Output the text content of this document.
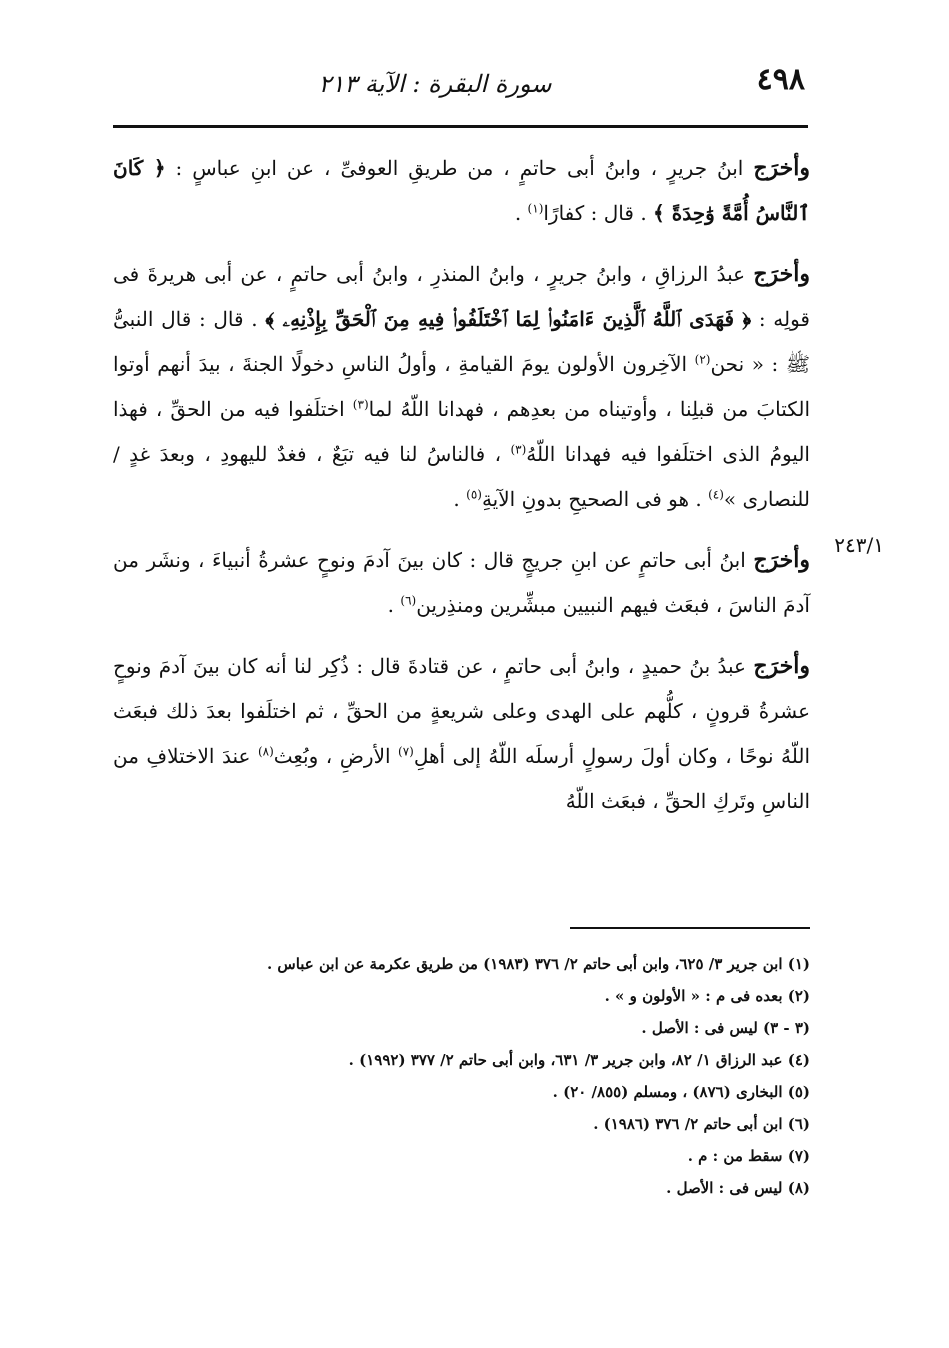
٤٩٨
سورة البقرة : الآية ٢١٣

وأخرَج ابنُ جريرٍ ، وابنُ أبى حاتمٍ ، من طريقِ العوفىِّ ، عن ابنِ عباسٍ : ﴿ كَانَ ٱلنَّاسُ أُمَّةً وَٰحِدَةً ﴾ . قال : كفارًا$^{(١)}$ .

وأخرَج عبدُ الرزاقِ ، وابنُ جريرٍ ، وابنُ المنذرِ ، وابنُ أبى حاتمٍ ، عن أبى هريرةَ فى قولِه : ﴿ فَهَدَى ٱللَّهُ ٱلَّذِينَ ءَامَنُوا۟ لِمَا ٱخْتَلَفُوا۟ فِيهِ مِنَ ٱلْحَقِّ بِإِذْنِهِۦ ﴾ . قال : قال النبىُّ ﷺ : « نحن$^{(٢)}$ الآخِرون الأولون يومَ القيامةِ ، وأولُ الناسِ دخولًا الجنةَ ، بيدَ أنهم أوتوا الكتابَ من قبلِنا ، وأوتيناه من بعدِهم ، فهدانا اللّهُ لما$^{(٣)}$ اختلَفوا فيه من الحقِّ ، فهذا اليومُ الذى اختلَفوا فيه فهدانا اللّهُ$^{(٣)}$ ، فالناسُ لنا فيه تبَعٌ ، فغدٌ لليهودِ ، وبعدَ غدٍ /للنصارى »$^{(٤)}$ . هو فى الصحيحِ بدونِ الآيةِ$^{(٥)}$ .

وأخرَج ابنُ أبى حاتمٍ عن ابنِ جريجٍ قال : كان بينَ آدمَ ونوحٍ عشرةُ أنبياءَ ، ونشَر من آدمَ الناسَ ، فبعَث فيهم النبيين مبشِّرين ومنذِرين$^{(٦)}$ .

وأخرَج عبدُ بنُ حميدٍ ، وابنُ أبى حاتمٍ ، عن قتادةَ قال : ذُكِر لنا أنه كان بينَ آدمَ ونوحٍ عشرةُ قرونٍ ، كلُّهم على الهدى وعلى شريعةٍ من الحقِّ ، ثم اختلَفوا بعدَ ذلك فبعَث اللّهُ نوحًا ، وكان أولَ رسولٍ أرسلَه اللّهُ إلى أهلِ$^{(٧)}$ الأرضِ ، وبُعِث$^{(٨)}$ عندَ الاختلافِ من الناسِ وتَركِ الحقِّ ، فبعَث اللّهُ

٢٤٣/١
(١) ابن جرير ٣/ ٦٢٥، وابن أبى حاتم ٢/ ٣٧٦ (١٩٨٣) من طريق عكرمة عن ابن عباس .
(٢) بعده فى م : « الأولون و » .
(٣ - ٣) ليس فى : الأصل .
(٤) عبد الرزاق ١/ ٨٢، وابن جرير ٣/ ٦٣١، وابن أبى حاتم ٢/ ٣٧٧ (١٩٩٢) .
(٥) البخارى (٨٧٦) ، ومسلم (٨٥٥/ ٢٠) .
(٦) ابن أبى حاتم ٢/ ٣٧٦ (١٩٨٦) .
(٧) سقط من : م .
(٨) ليس فى : الأصل .
